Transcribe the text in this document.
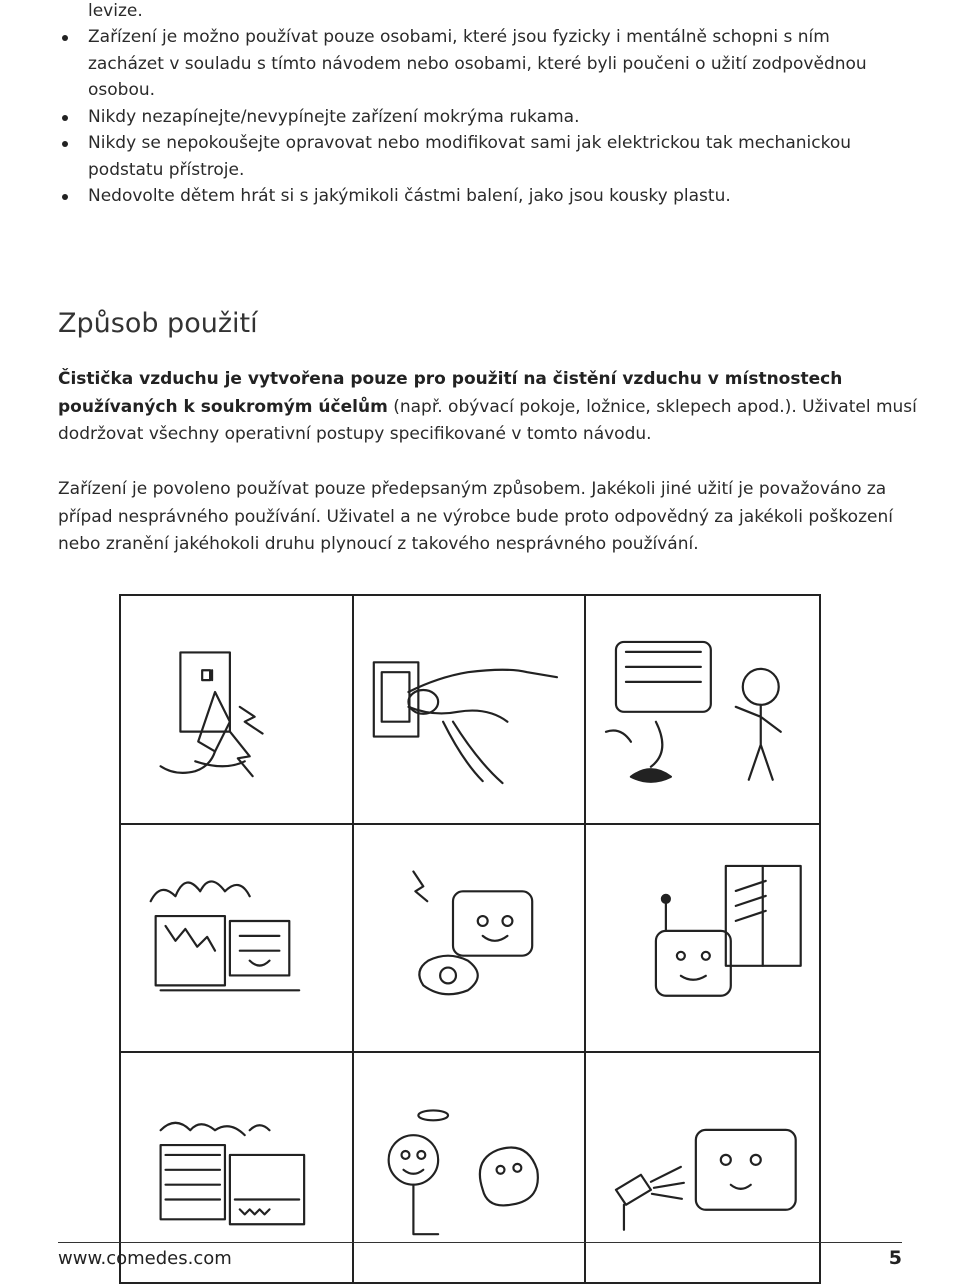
levize.
Zařízení je možno používat pouze osobami, které jsou fyzicky i mentálně schopni s ním zacházet v souladu s tímto návodem nebo osobami, které byli poučeni o užití zodpovědnou osobou.
Nikdy nezapínejte/nevypínejte zařízení mokrýma rukama.
Nikdy se nepokoušejte opravovat nebo modifikovat sami jak elektrickou tak mechanickou podstatu přístroje.
Nedovolte dětem hrát si s jakýmikoli částmi balení, jako jsou kousky plastu.
Způsob použití

Čistička vzduchu je vytvořena pouze pro použití na čistění vzduchu v místnostech používaných k soukromým účelům (např. obývací pokoje, ložnice, sklepech apod.). Uživatel musí dodržovat všechny operativní postupy specifikované v tomto návodu.

Zařízení je povoleno používat pouze předepsaným způsobem. Jakékoli jiné užití je považováno za případ nesprávného používání. Uživatel a ne výrobce bude proto odpovědný za jakékoli poškození nebo zranění jakéhokoli druhu plynoucí z takového nesprávného používání.

www.comedes.com	5
